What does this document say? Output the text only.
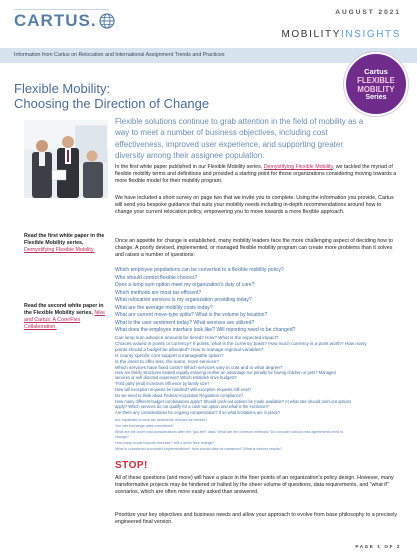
CARTUS.	AUGUST 2021
MOBILITYINSIGHTS
Information from Cartus on Relocation and International Assignment Trends and Practices
Cartus
FLEXIBLE
MOBILITY
Series
Flexible Mobility:
Choosing the Direction of Change
Flexible solutions continue to grab attention in the field of mobility as a way to meet a number of business objectives, including cost effectiveness, improved user experience, and supporting greater diversity among their assignee population.
In the first white paper published in our Flexible Mobility series, Demystifying Flexible Mobility, we tackled the myriad of flexible mobility terms and definitions and provided a starting point for those organizations considering moving towards a more flexible model for their mobility program.
We have included a short survey on page two that we invite you to complete. Using the information you provide, Cartus will send you bespoke guidance that suits your mobility needs including in-depth recommendations around how to change your current relocation policy, empowering you to move towards a more flexible approach.
Once an appetite for change is established, many mobility leaders face the more challenging aspect of deciding how to change. A poorly devised, implemented, or managed flexible mobility program can create more problems than it solves and raises a number of questions:
Read the first white paper in the Flexible Mobility series, Demystifying Flexible Mobility.
Read the second white paper in the Flexible Mobility series, Nike and Cartus: A Core/Flex Collaboration.
Which employee populations can be converted to a flexible mobility policy?
Who should control flexible choices?
Does a lump sum option meet my organization's duty of care?
Which methods are most tax efficient?
What relocation services is my organization providing today?
What are the average mobility costs today?
What are current move-type splits? What is the volume by location?
What is the user sentiment today? What services are utilized?
What does the employee interface look like? Will reporting need to be changed?
Can lump sum advance amounts be tiered? How? What is the expected impact?
Choices valued in points or currency? If points, what is the currency basis? How much currency is a point worth? How many
points should a budget be allocated? How to manage regional variables?
Is county specific core support a manageable option?
Is the intent to offer less, the same, more services?
Which services have fixed costs? Which services vary in cost and to what degree?
How are family structures treated equally ensuring neither an advantage nor penalty for having children or pets? Managed
services or self-directed expenses? Which establish drive budgets?
Third party (end) increases influence by family size?
How will exception requests be handled? Will exception requests still exist?
Do we need to think about Federal Acquisition Regulation compliance?
How many different budget combinations apply? Should cash-out options be made available? At what rate should cash-out options
apply? Which services do not qualify for a cash-out option and what is the exclusion?
Are there any considerations for ongoing compensation? If so what limitations are in place?
Are expatriate income tax treatments relevant as needed?
You can exchange rates considered?
What are the lower cost considerations after the "gut-feel" data? What are the common methods? Do consider various lead agreements need to
change?
How many would buyouts increase? Will a seller fees change?
What is considered successful implementation? How should data be measured? What is desired results?
STOP!
All of these questions (and more) will have a place in the finer points of an organization's policy design. However, many transformative projects may be hindered or halted by the sheer volume of questions, data requirements, and "what if" scenarios, which are often more easily asked than answered.
Prioritize your key objectives and business needs and allow your approach to evolve from base philosophy to a precisely engineered final version.
PAGE 1 OF 2
